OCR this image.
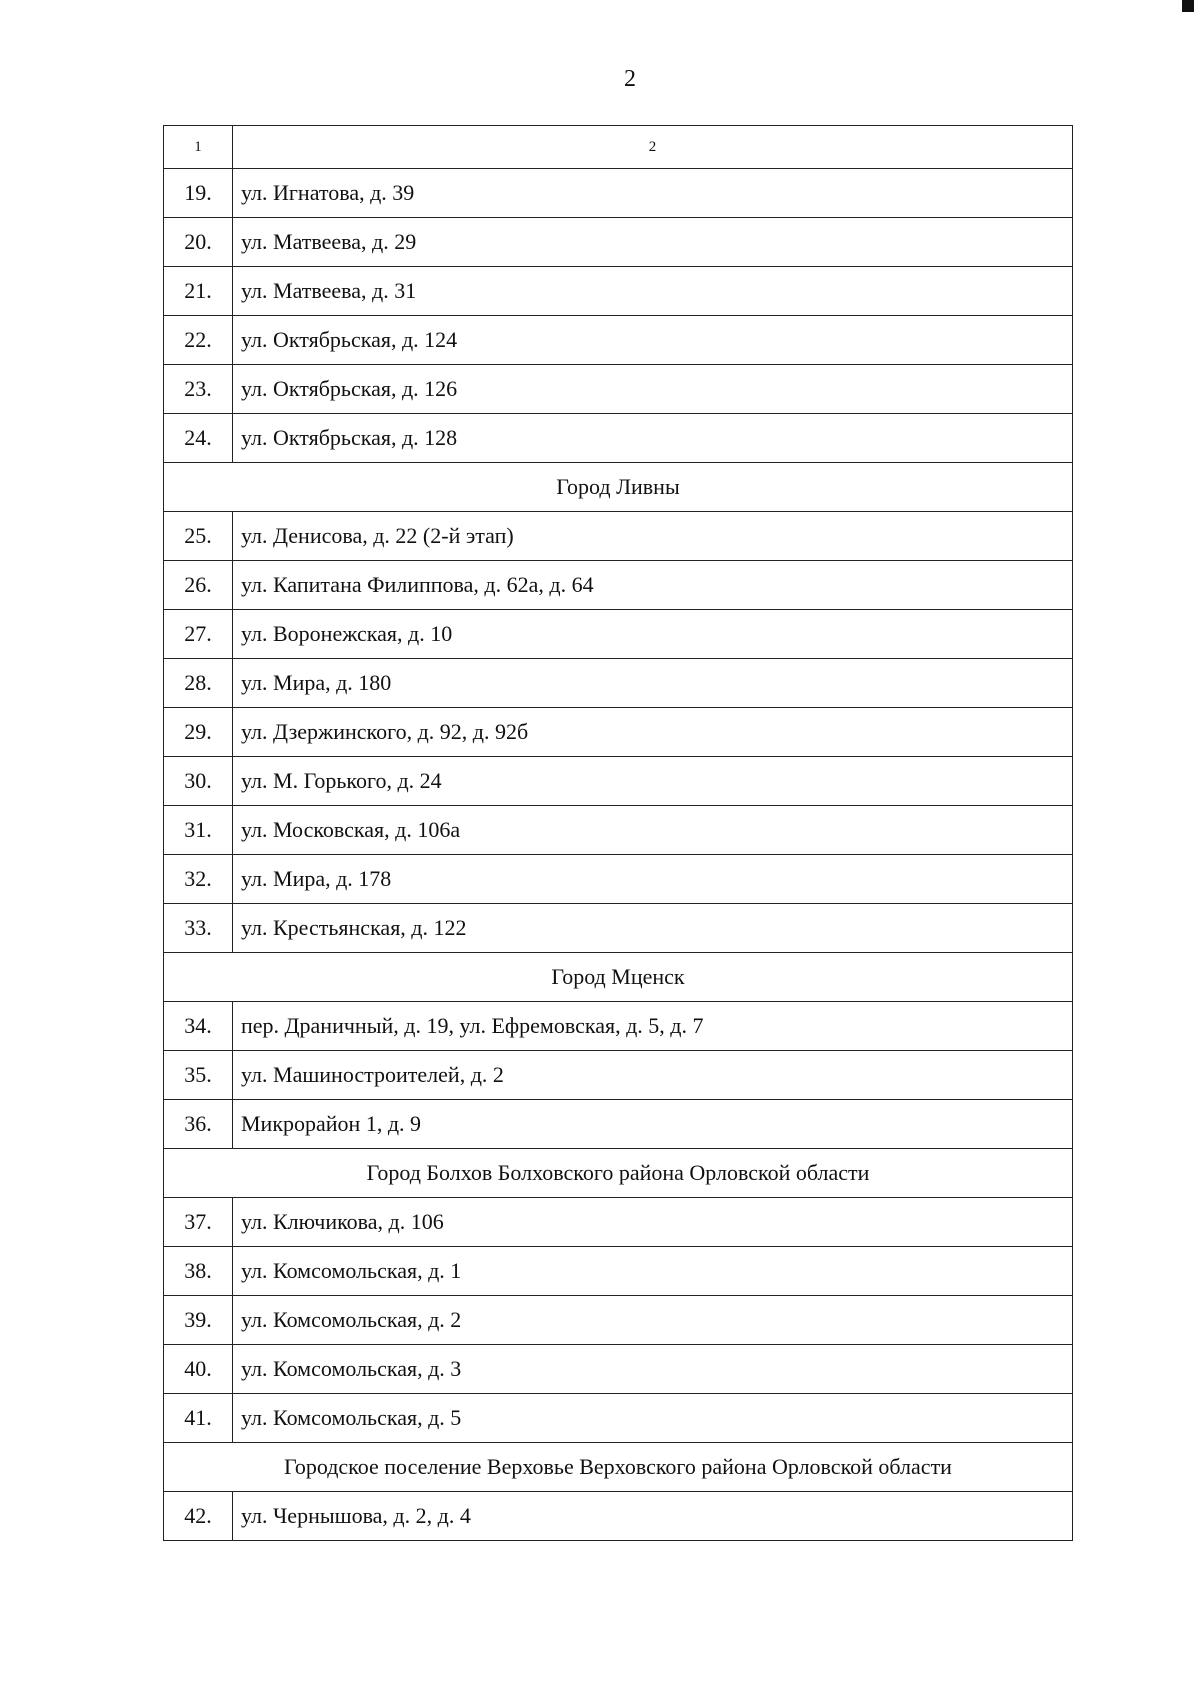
2
1	2
19.	ул. Игнатова, д. 39
20.	ул. Матвеева, д. 29
21.	ул. Матвеева, д. 31
22.	ул. Октябрьская, д. 124
23.	ул. Октябрьская, д. 126
24.	ул. Октябрьская, д. 128
Город Ливны	
25.	ул. Денисова, д. 22 (2-й этап)
26.	ул. Капитана Филиппова, д. 62а, д. 64
27.	ул. Воронежская, д. 10
28.	ул. Мира, д. 180
29.	ул. Дзержинского, д. 92, д. 92б
30.	ул. М. Горького, д. 24
31.	ул. Московская, д. 106а
32.	ул. Мира, д. 178
33.	ул. Крестьянская, д. 122
Город Мценск	
34.	пер. Драничный, д. 19, ул. Ефремовская, д. 5, д. 7
35.	ул. Машиностроителей, д. 2
36.	Микрорайон 1, д. 9
Город Болхов Болховского района Орловской области	
37.	ул. Ключикова, д. 106
38.	ул. Комсомольская, д. 1
39.	ул. Комсомольская, д. 2
40.	ул. Комсомольская, д. 3
41.	ул. Комсомольская, д. 5
Городское поселение Верховье Верховского района Орловской области	
42.	ул. Чернышова, д. 2, д. 4
